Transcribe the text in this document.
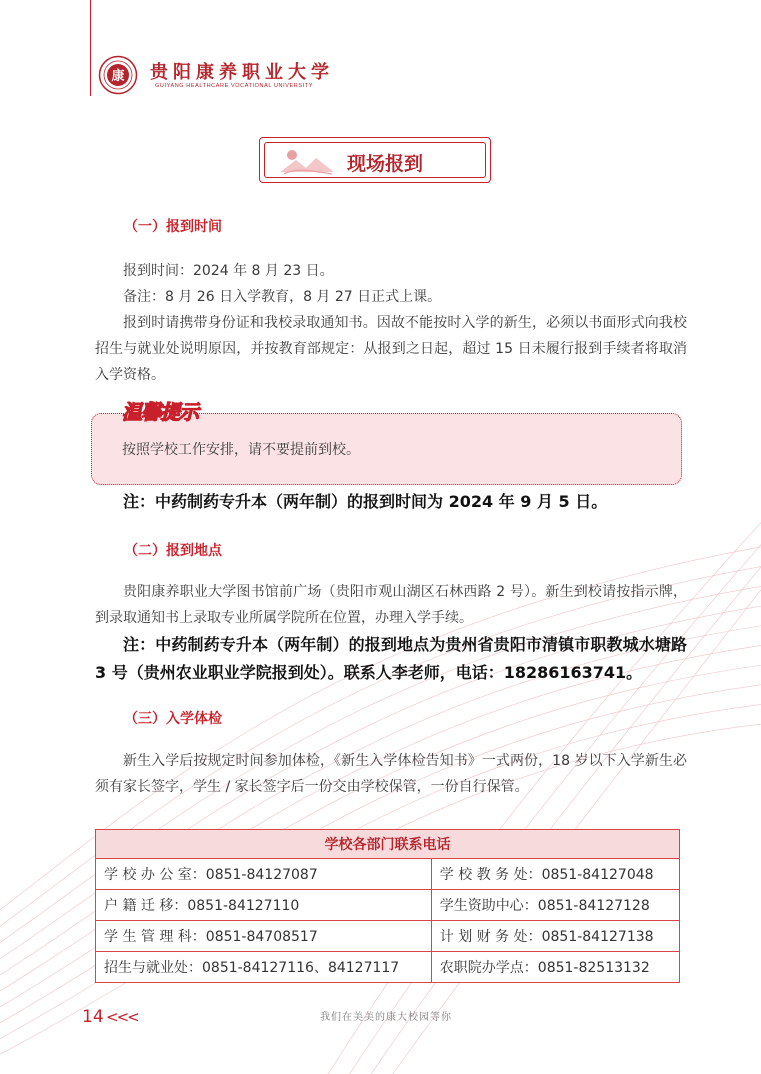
康 贵阳康养职业大学
GUIYANG HEALTHCARE VOCATIONAL UNIVERSITY
现场报到
（一）报到时间
报到时间：2024 年 8 月 23 日。
备注：8 月 26 日入学教育，8 月 27 日正式上课。
报到时请携带身份证和我校录取通知书。因故不能按时入学的新生，必须以书面形式向我校招生与就业处说明原因，并按教育部规定：从报到之日起，超过 15 日未履行报到手续者将取消入学资格。
温馨提示
按照学校工作安排，请不要提前到校。
注：中药制药专升本（两年制）的报到时间为 2024 年 9 月 5 日。
（二）报到地点
贵阳康养职业大学图书馆前广场（贵阳市观山湖区石林西路 2 号）。新生到校请按指示牌，到录取通知书上录取专业所属学院所在位置，办理入学手续。
注：中药制药专升本（两年制）的报到地点为贵州省贵阳市清镇市职教城水塘路 3 号（贵州农业职业学院报到处）。联系人李老师，电话：18286163741。
（三）入学体检
新生入学后按规定时间参加体检，《新生入学体检告知书》一式两份，18 岁以下入学新生必须有家长签字，学生 / 家长签字后一份交由学校保管，一份自行保管。
学校各部门联系电话	
学 校 办 公 室：0851-84127087	学 校 教 务 处：0851-84127048
户 籍 迁 移：0851-84127110	学生资助中心：0851-84127128
学 生 管 理 科：0851-84708517	计 划 财 务 处：0851-84127138
招生与就业处：0851-84127116、84127117	农职院办学点：0851-82513132
14 <<<	我们在美美的康大校园等你
